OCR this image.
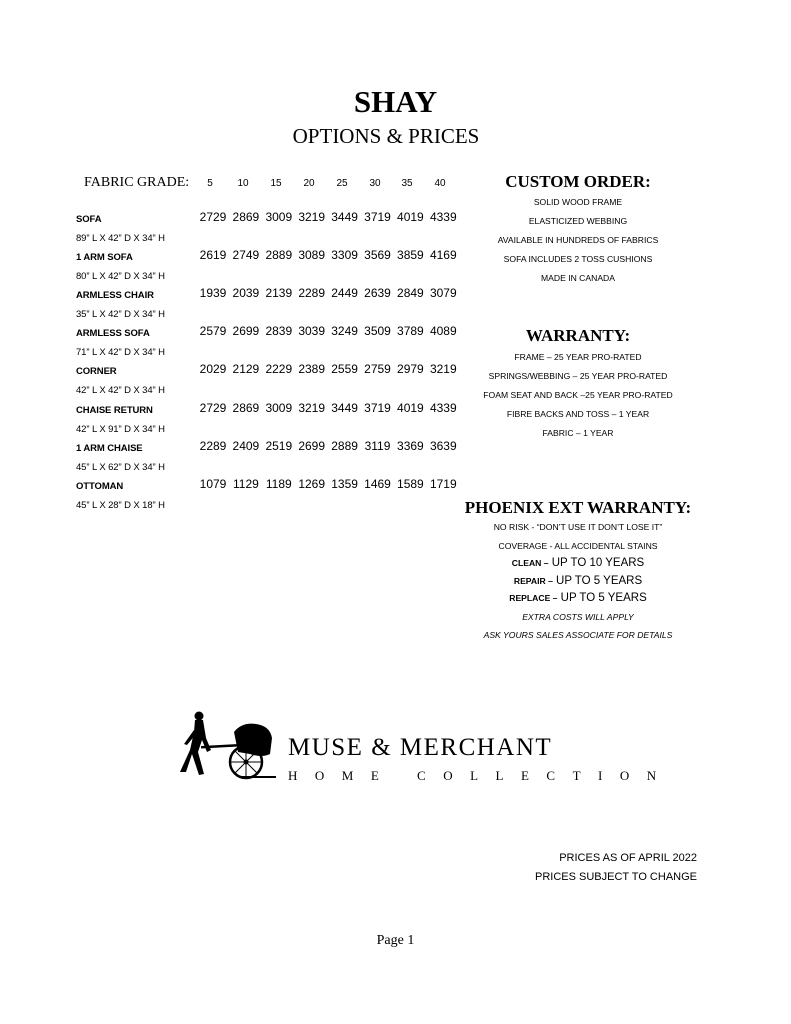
SHAY
OPTIONS & PRICES
FABRIC GRADE:	5	10	15	20	25	30	35	40
SOFA
89” L X 42” D X 34” H
2729 2869 3009 3219 3449 3719 4019 4339
1 ARM SOFA
80” L X 42” D X 34” H
2619 2749 2889 3089 3309 3569 3859 4169
ARMLESS CHAIR
35” L X 42” D X 34” H
1939 2039 2139 2289 2449 2639 2849 3079
ARMLESS SOFA
71” L X 42” D X 34” H
2579 2699 2839 3039 3249 3509 3789 4089
CORNER
42” L X 42” D X 34” H
2029 2129 2229 2389 2559 2759 2979 3219
CHAISE RETURN
42” L X 91” D X 34” H
2729 2869 3009 3219 3449 3719 4019 4339
1 ARM CHAISE
45” L X 62” D X 34” H
2289 2409 2519 2699 2889 3119 3369 3639
OTTOMAN
45” L X 28” D X 18” H
1079 1129 1189 1269 1359 1469 1589 1719
CUSTOM ORDER:
SOLID WOOD FRAME
ELASTICIZED WEBBING
AVAILABLE IN HUNDREDS OF FABRICS
SOFA INCLUDES 2 TOSS CUSHIONS
MADE IN CANADA
WARRANTY:
FRAME – 25 YEAR PRO-RATED
SPRINGS/WEBBING – 25 YEAR PRO-RATED
FOAM SEAT AND BACK –25 YEAR PRO-RATED
FIBRE BACKS AND TOSS – 1 YEAR
FABRIC – 1 YEAR
PHOENIX EXT WARRANTY:
NO RISK - “DON’T USE IT DON’T LOSE IT”
COVERAGE - ALL ACCIDENTAL STAINS
CLEAN – UP TO 10 YEARS
REPAIR – UP TO 5 YEARS
REPLACE – UP TO 5 YEARS
EXTRA COSTS WILL APPLY
ASK YOURS SALES ASSOCIATE FOR DETAILS
MUSE & MERCHANT
HOME COLLECTION
PRICES AS OF APRIL 2022
PRICES SUBJECT TO CHANGE
Page 1
